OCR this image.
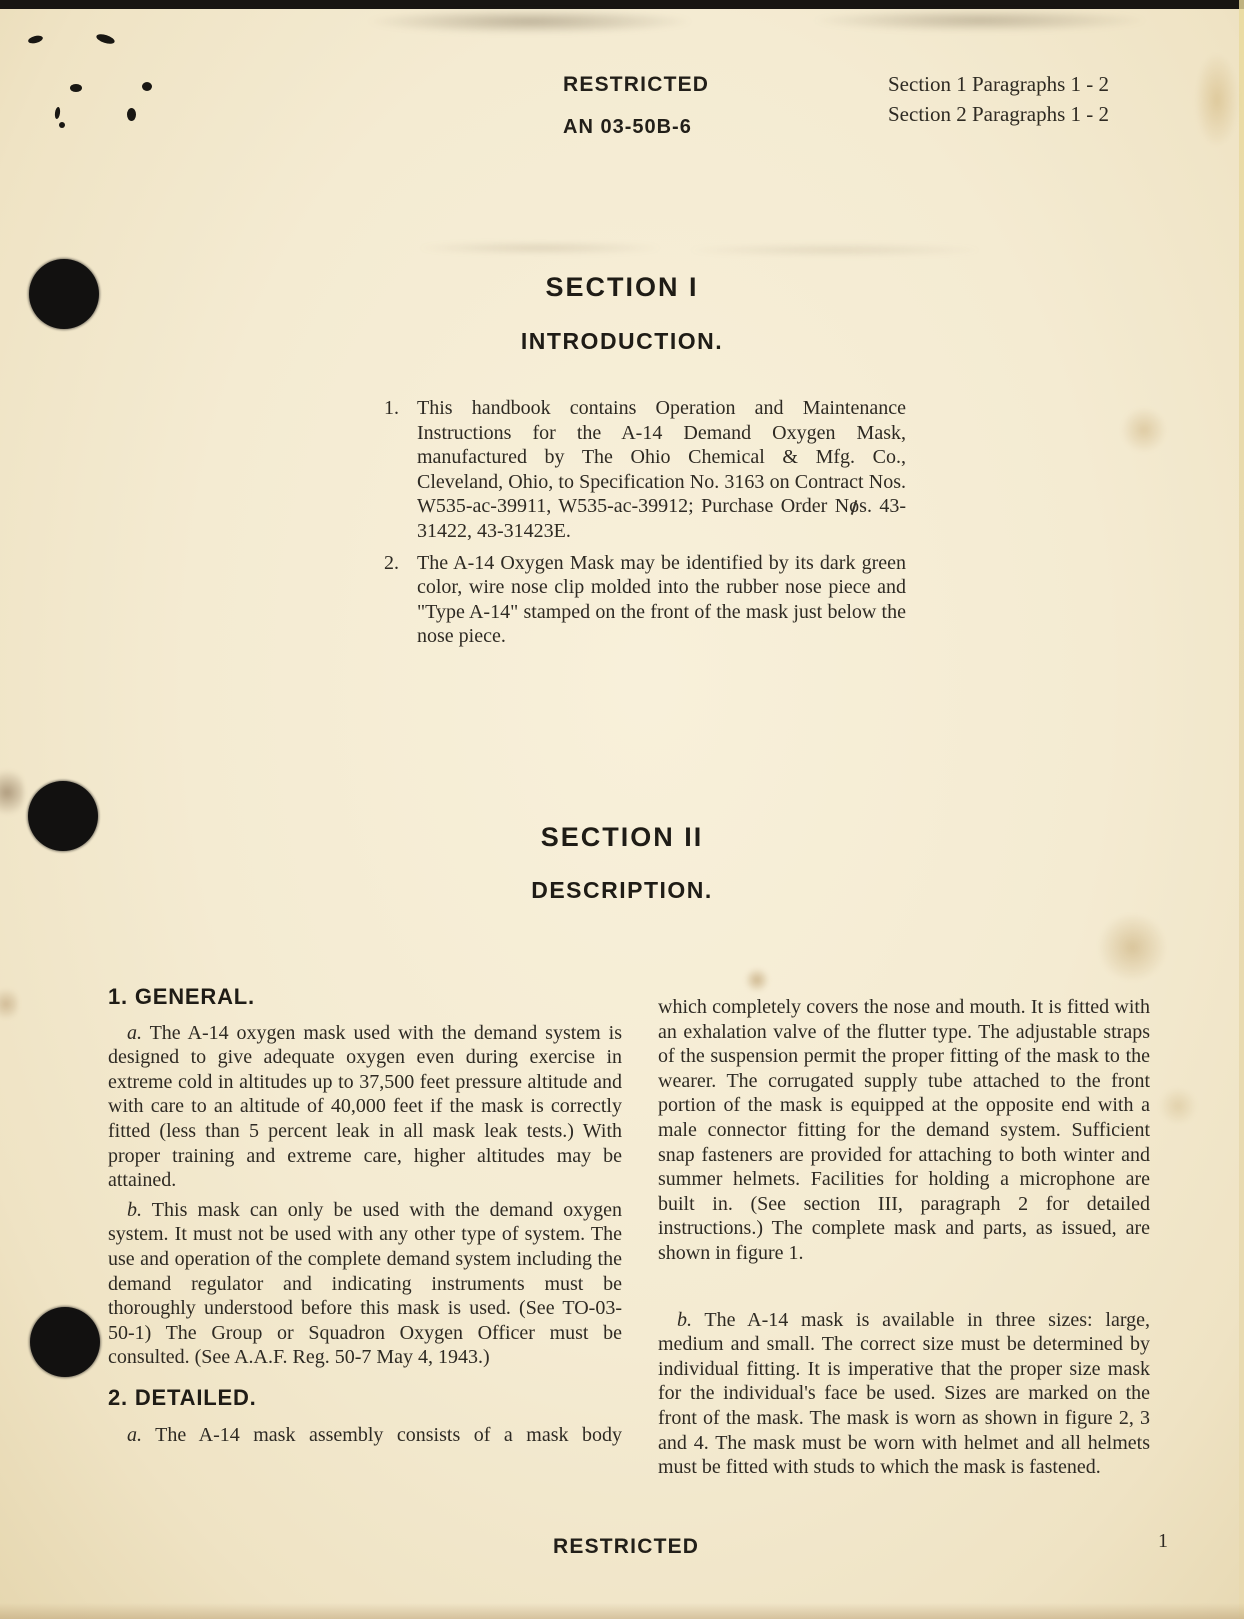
RESTRICTED
AN 03-50B-6
Section 1 Paragraphs 1 - 2
Section 2 Paragraphs 1 - 2
SECTION I
INTRODUCTION.

1. This handbook contains Operation and Maintenance Instructions for the A-14 Demand Oxygen Mask, manufactured by The Ohio Chemical & Mfg. Co., Cleveland, Ohio, to Specification No. 3163 on Contract Nos. W535-ac-39911, W535-ac-39912; Purchase Order Nos. 43-31422, 43-31423E.

2. The A-14 Oxygen Mask may be identified by its dark green color, wire nose clip molded into the rubber nose piece and "Type A-14" stamped on the front of the mask just below the nose piece.

SECTION II
DESCRIPTION.
1. GENERAL.

a. The A-14 oxygen mask used with the demand system is designed to give adequate oxygen even during exercise in extreme cold in altitudes up to 37,500 feet pressure altitude and with care to an altitude of 40,000 feet if the mask is correctly fitted (less than 5 percent leak in all mask leak tests.) With proper training and extreme care, higher altitudes may be attained.

b. This mask can only be used with the demand oxygen system. It must not be used with any other type of system. The use and operation of the complete demand system including the demand regulator and indicating instruments must be thoroughly understood before this mask is used. (See TO-03-50-1) The Group or Squadron Oxygen Officer must be consulted. (See A.A.F. Reg. 50-7 May 4, 1943.)

2. DETAILED.

a. The A-14 mask assembly consists of a mask body

which completely covers the nose and mouth. It is fitted with an exhalation valve of the flutter type. The adjustable straps of the suspension permit the proper fitting of the mask to the wearer. The corrugated supply tube attached to the front portion of the mask is equipped at the opposite end with a male connector fitting for the demand system. Sufficient snap fasteners are provided for attaching to both winter and summer helmets. Facilities for holding a microphone are built in. (See section III, paragraph 2 for detailed instructions.) The complete mask and parts, as issued, are shown in figure 1.

b. The A-14 mask is available in three sizes: large, medium and small. The correct size must be determined by individual fitting. It is imperative that the proper size mask for the individual's face be used. Sizes are marked on the front of the mask. The mask is worn as shown in figure 2, 3 and 4. The mask must be worn with helmet and all helmets must be fitted with studs to which the mask is fastened.

RESTRICTED	1
